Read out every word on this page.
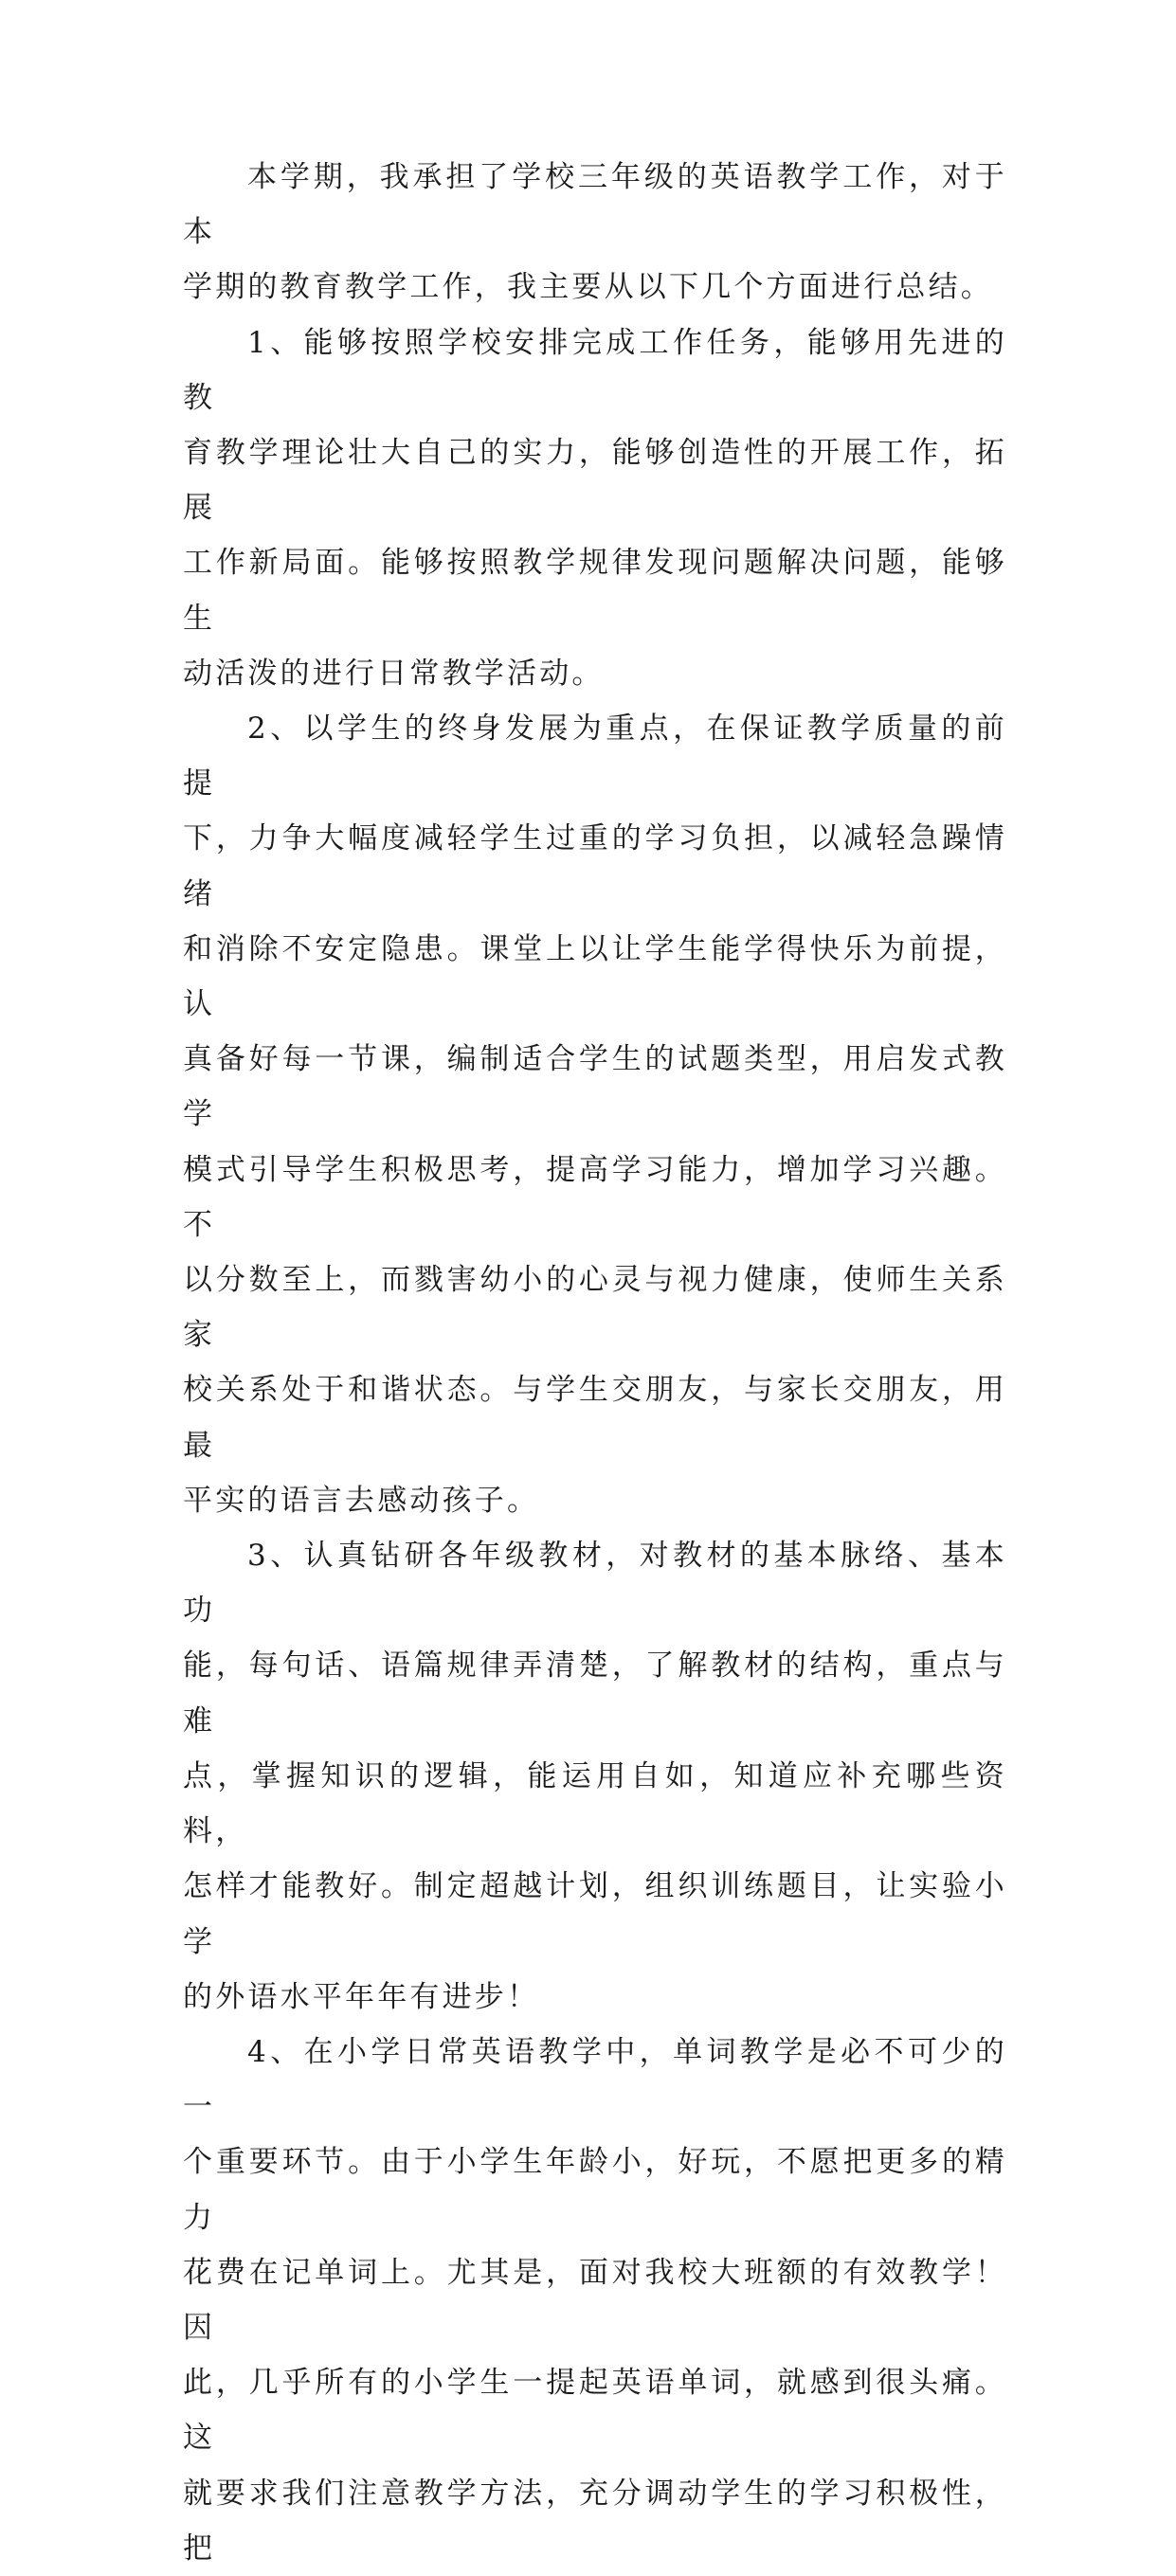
本学期，我承担了学校三年级的英语教学工作，对于本
学期的教育教学工作，我主要从以下几个方面进行总结。

1、能够按照学校安排完成工作任务，能够用先进的教
育教学理论壮大自己的实力，能够创造性的开展工作，拓展
工作新局面。能够按照教学规律发现问题解决问题，能够生
动活泼的进行日常教学活动。

2、以学生的终身发展为重点，在保证教学质量的前提
下，力争大幅度减轻学生过重的学习负担，以减轻急躁情绪
和消除不安定隐患。课堂上以让学生能学得快乐为前提，认
真备好每一节课，编制适合学生的试题类型，用启发式教学
模式引导学生积极思考，提高学习能力，增加学习兴趣。不
以分数至上，而戮害幼小的心灵与视力健康，使师生关系家
校关系处于和谐状态。与学生交朋友，与家长交朋友，用最
平实的语言去感动孩子。

3、认真钻研各年级教材，对教材的基本脉络、基本功
能，每句话、语篇规律弄清楚，了解教材的结构，重点与难
点，掌握知识的逻辑，能运用自如，知道应补充哪些资料，
怎样才能教好。制定超越计划，组织训练题目，让实验小学
的外语水平年年有进步！

4、在小学日常英语教学中，单词教学是必不可少的一
个重要环节。由于小学生年龄小，好玩，不愿把更多的精力
花费在记单词上。尤其是，面对我校大班额的有效教学！因
此，几乎所有的小学生一提起英语单词，就感到很头痛。这
就要求我们注意教学方法，充分调动学生的学习积极性，把
